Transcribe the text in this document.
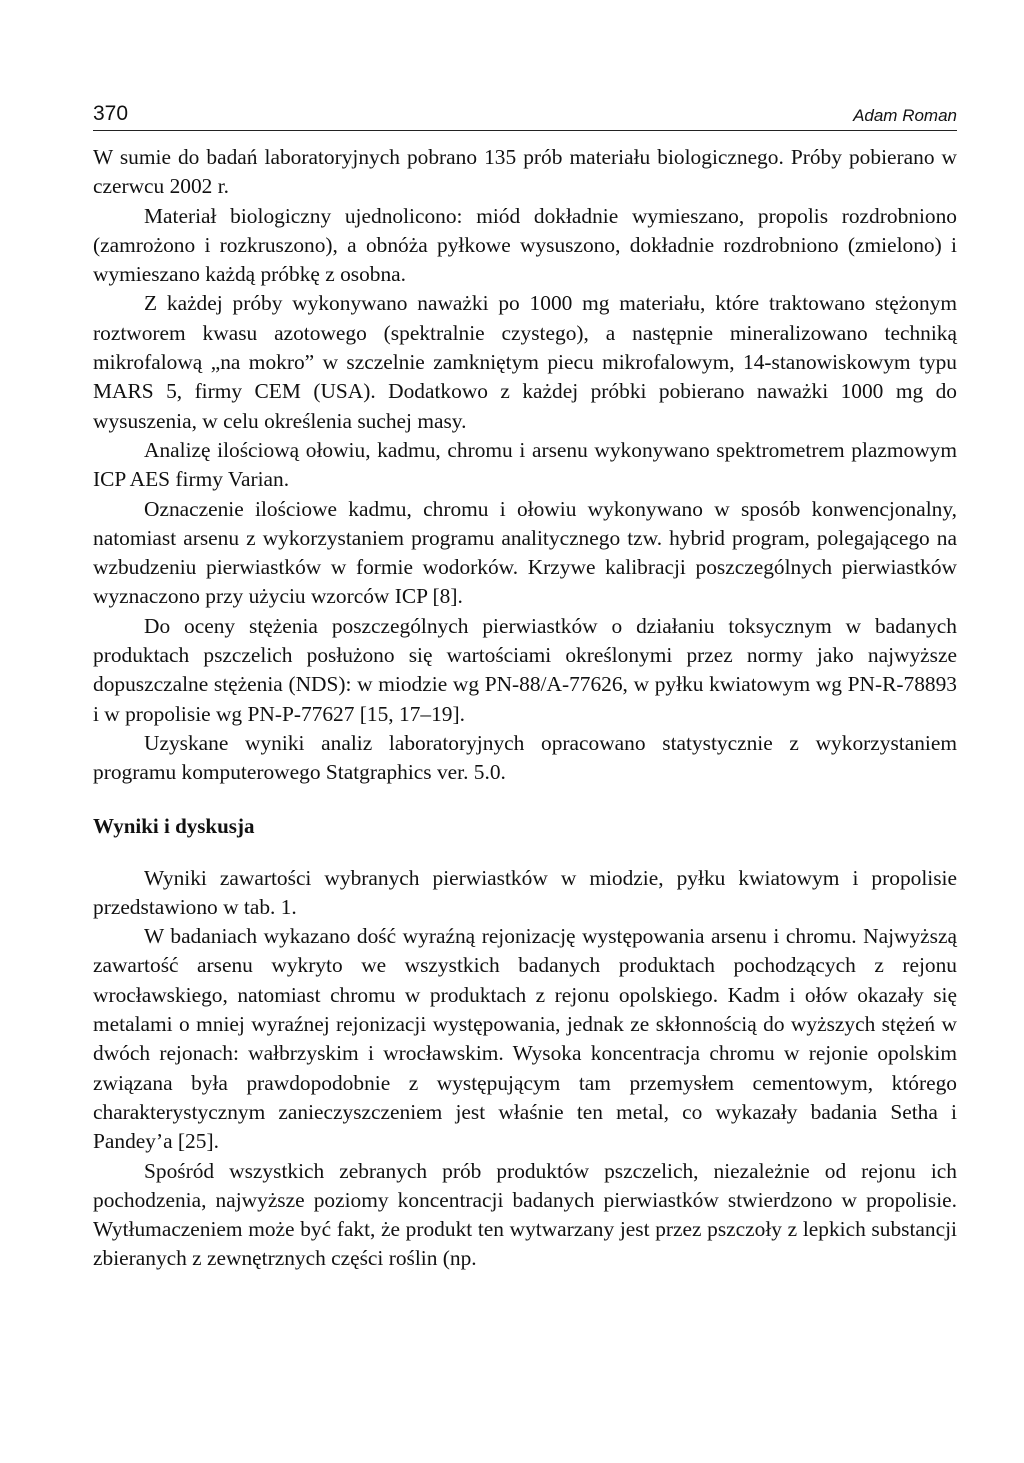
370	Adam Roman

W sumie do badań laboratoryjnych pobrano 135 prób materiału biologicznego. Próby pobierano w czerwcu 2002 r.

Materiał biologiczny ujednolicono: miód dokładnie wymieszano, propolis rozdrobniono (zamrożono i rozkruszono), a obnóża pyłkowe wysuszono, dokładnie rozdrobniono (zmielono) i wymieszano każdą próbkę z osobna.

Z każdej próby wykonywano naważki po 1000 mg materiału, które traktowano stężonym roztworem kwasu azotowego (spektralnie czystego), a następnie mineralizowano techniką mikrofalową „na mokro” w szczelnie zamkniętym piecu mikrofalowym, 14-stanowiskowym typu MARS 5, firmy CEM (USA). Dodatkowo z każdej próbki pobierano naważki 1000 mg do wysuszenia, w celu określenia suchej masy.

Analizę ilościową ołowiu, kadmu, chromu i arsenu wykonywano spektrometrem plazmowym ICP AES firmy Varian.

Oznaczenie ilościowe kadmu, chromu i ołowiu wykonywano w sposób konwencjonalny, natomiast arsenu z wykorzystaniem programu analitycznego tzw. hybrid program, polegającego na wzbudzeniu pierwiastków w formie wodorków. Krzywe kalibracji poszczególnych pierwiastków wyznaczono przy użyciu wzorców ICP [8].

Do oceny stężenia poszczególnych pierwiastków o działaniu toksycznym w badanych produktach pszczelich posłużono się wartościami określonymi przez normy jako najwyższe dopuszczalne stężenia (NDS): w miodzie wg PN-88/A-77626, w pyłku kwiatowym wg PN-R-78893 i w propolisie wg PN-P-77627 [15, 17–19].

Uzyskane wyniki analiz laboratoryjnych opracowano statystycznie z wykorzystaniem programu komputerowego Statgraphics ver. 5.0.

Wyniki i dyskusja

Wyniki zawartości wybranych pierwiastków w miodzie, pyłku kwiatowym i propolisie przedstawiono w tab. 1.

W badaniach wykazano dość wyraźną rejonizację występowania arsenu i chromu. Najwyższą zawartość arsenu wykryto we wszystkich badanych produktach pochodzących z rejonu wrocławskiego, natomiast chromu w produktach z rejonu opolskiego. Kadm i ołów okazały się metalami o mniej wyraźnej rejonizacji występowania, jednak ze skłonnością do wyższych stężeń w dwóch rejonach: wałbrzyskim i wrocławskim. Wysoka koncentracja chromu w rejonie opolskim związana była prawdopodobnie z występującym tam przemysłem cementowym, którego charakterystycznym zanieczyszczeniem jest właśnie ten metal, co wykazały badania Setha i Pandey’a [25].

Spośród wszystkich zebranych prób produktów pszczelich, niezależnie od rejonu ich pochodzenia, najwyższe poziomy koncentracji badanych pierwiastków stwierdzono w propolisie. Wytłumaczeniem może być fakt, że produkt ten wytwarzany jest przez pszczoły z lepkich substancji zbieranych z zewnętrznych części roślin (np.
